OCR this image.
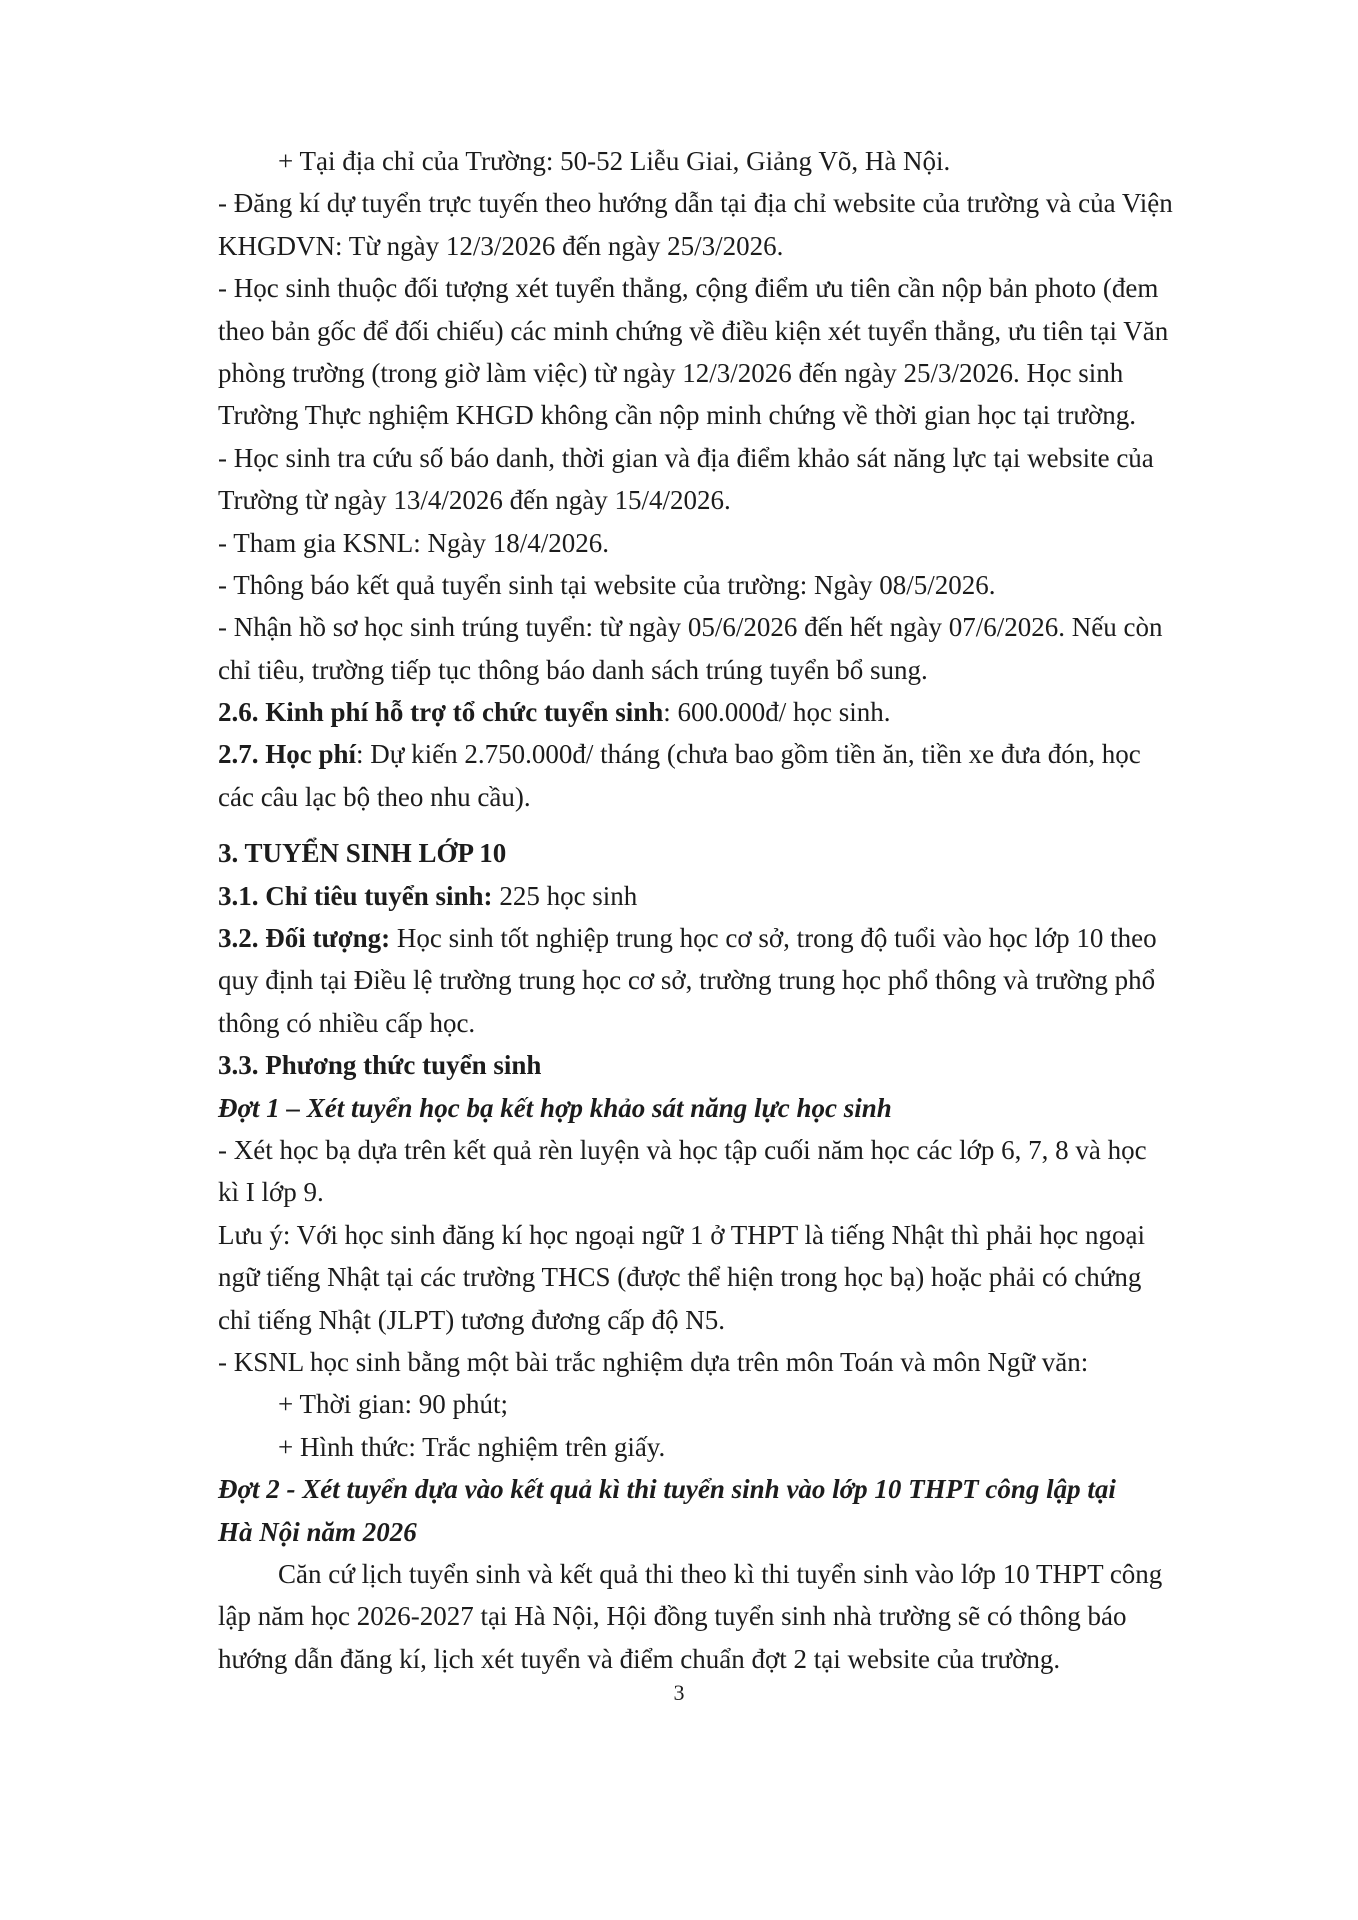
+ Tại địa chỉ của Trường: 50-52 Liễu Giai, Giảng Võ, Hà Nội.
- Đăng kí dự tuyển trực tuyến theo hướng dẫn tại địa chỉ website của trường và của Viện
KHGDVN: Từ ngày 12/3/2026 đến ngày 25/3/2026.
- Học sinh thuộc đối tượng xét tuyển thẳng, cộng điểm ưu tiên cần nộp bản photo (đem
theo bản gốc để đối chiếu) các minh chứng về điều kiện xét tuyển thẳng, ưu tiên tại Văn
phòng trường (trong giờ làm việc) từ ngày 12/3/2026 đến ngày 25/3/2026. Học sinh
Trường Thực nghiệm KHGD không cần nộp minh chứng về thời gian học tại trường.
- Học sinh tra cứu số báo danh, thời gian và địa điểm khảo sát năng lực tại website của
Trường từ ngày 13/4/2026 đến ngày 15/4/2026.
- Tham gia KSNL: Ngày 18/4/2026.
- Thông báo kết quả tuyển sinh tại website của trường: Ngày 08/5/2026.
- Nhận hồ sơ học sinh trúng tuyển: từ ngày 05/6/2026 đến hết ngày 07/6/2026. Nếu còn
chỉ tiêu, trường tiếp tục thông báo danh sách trúng tuyển bổ sung.
2.6. Kinh phí hỗ trợ tổ chức tuyển sinh: 600.000đ/ học sinh.
2.7. Học phí: Dự kiến 2.750.000đ/ tháng (chưa bao gồm tiền ăn, tiền xe đưa đón, học
các câu lạc bộ theo nhu cầu).
3. TUYỂN SINH LỚP 10
3.1. Chỉ tiêu tuyển sinh: 225 học sinh
3.2. Đối tượng: Học sinh tốt nghiệp trung học cơ sở, trong độ tuổi vào học lớp 10 theo
quy định tại Điều lệ trường trung học cơ sở, trường trung học phổ thông và trường phổ
thông có nhiều cấp học.
3.3. Phương thức tuyển sinh
Đợt 1 – Xét tuyển học bạ kết hợp khảo sát năng lực học sinh
- Xét học bạ dựa trên kết quả rèn luyện và học tập cuối năm học các lớp 6, 7, 8 và học
kì I lớp 9.
Lưu ý: Với học sinh đăng kí học ngoại ngữ 1 ở THPT là tiếng Nhật thì phải học ngoại
ngữ tiếng Nhật tại các trường THCS (được thể hiện trong học bạ) hoặc phải có chứng
chỉ tiếng Nhật (JLPT) tương đương cấp độ N5.
- KSNL học sinh bằng một bài trắc nghiệm dựa trên môn Toán và môn Ngữ văn:
+ Thời gian: 90 phút;
+ Hình thức: Trắc nghiệm trên giấy.
Đợt 2 - Xét tuyển dựa vào kết quả kì thi tuyển sinh vào lớp 10 THPT công lập tại
Hà Nội năm 2026
Căn cứ lịch tuyển sinh và kết quả thi theo kì thi tuyển sinh vào lớp 10 THPT công
lập năm học 2026-2027 tại Hà Nội, Hội đồng tuyển sinh nhà trường sẽ có thông báo
hướng dẫn đăng kí, lịch xét tuyển và điểm chuẩn đợt 2 tại website của trường.
3
